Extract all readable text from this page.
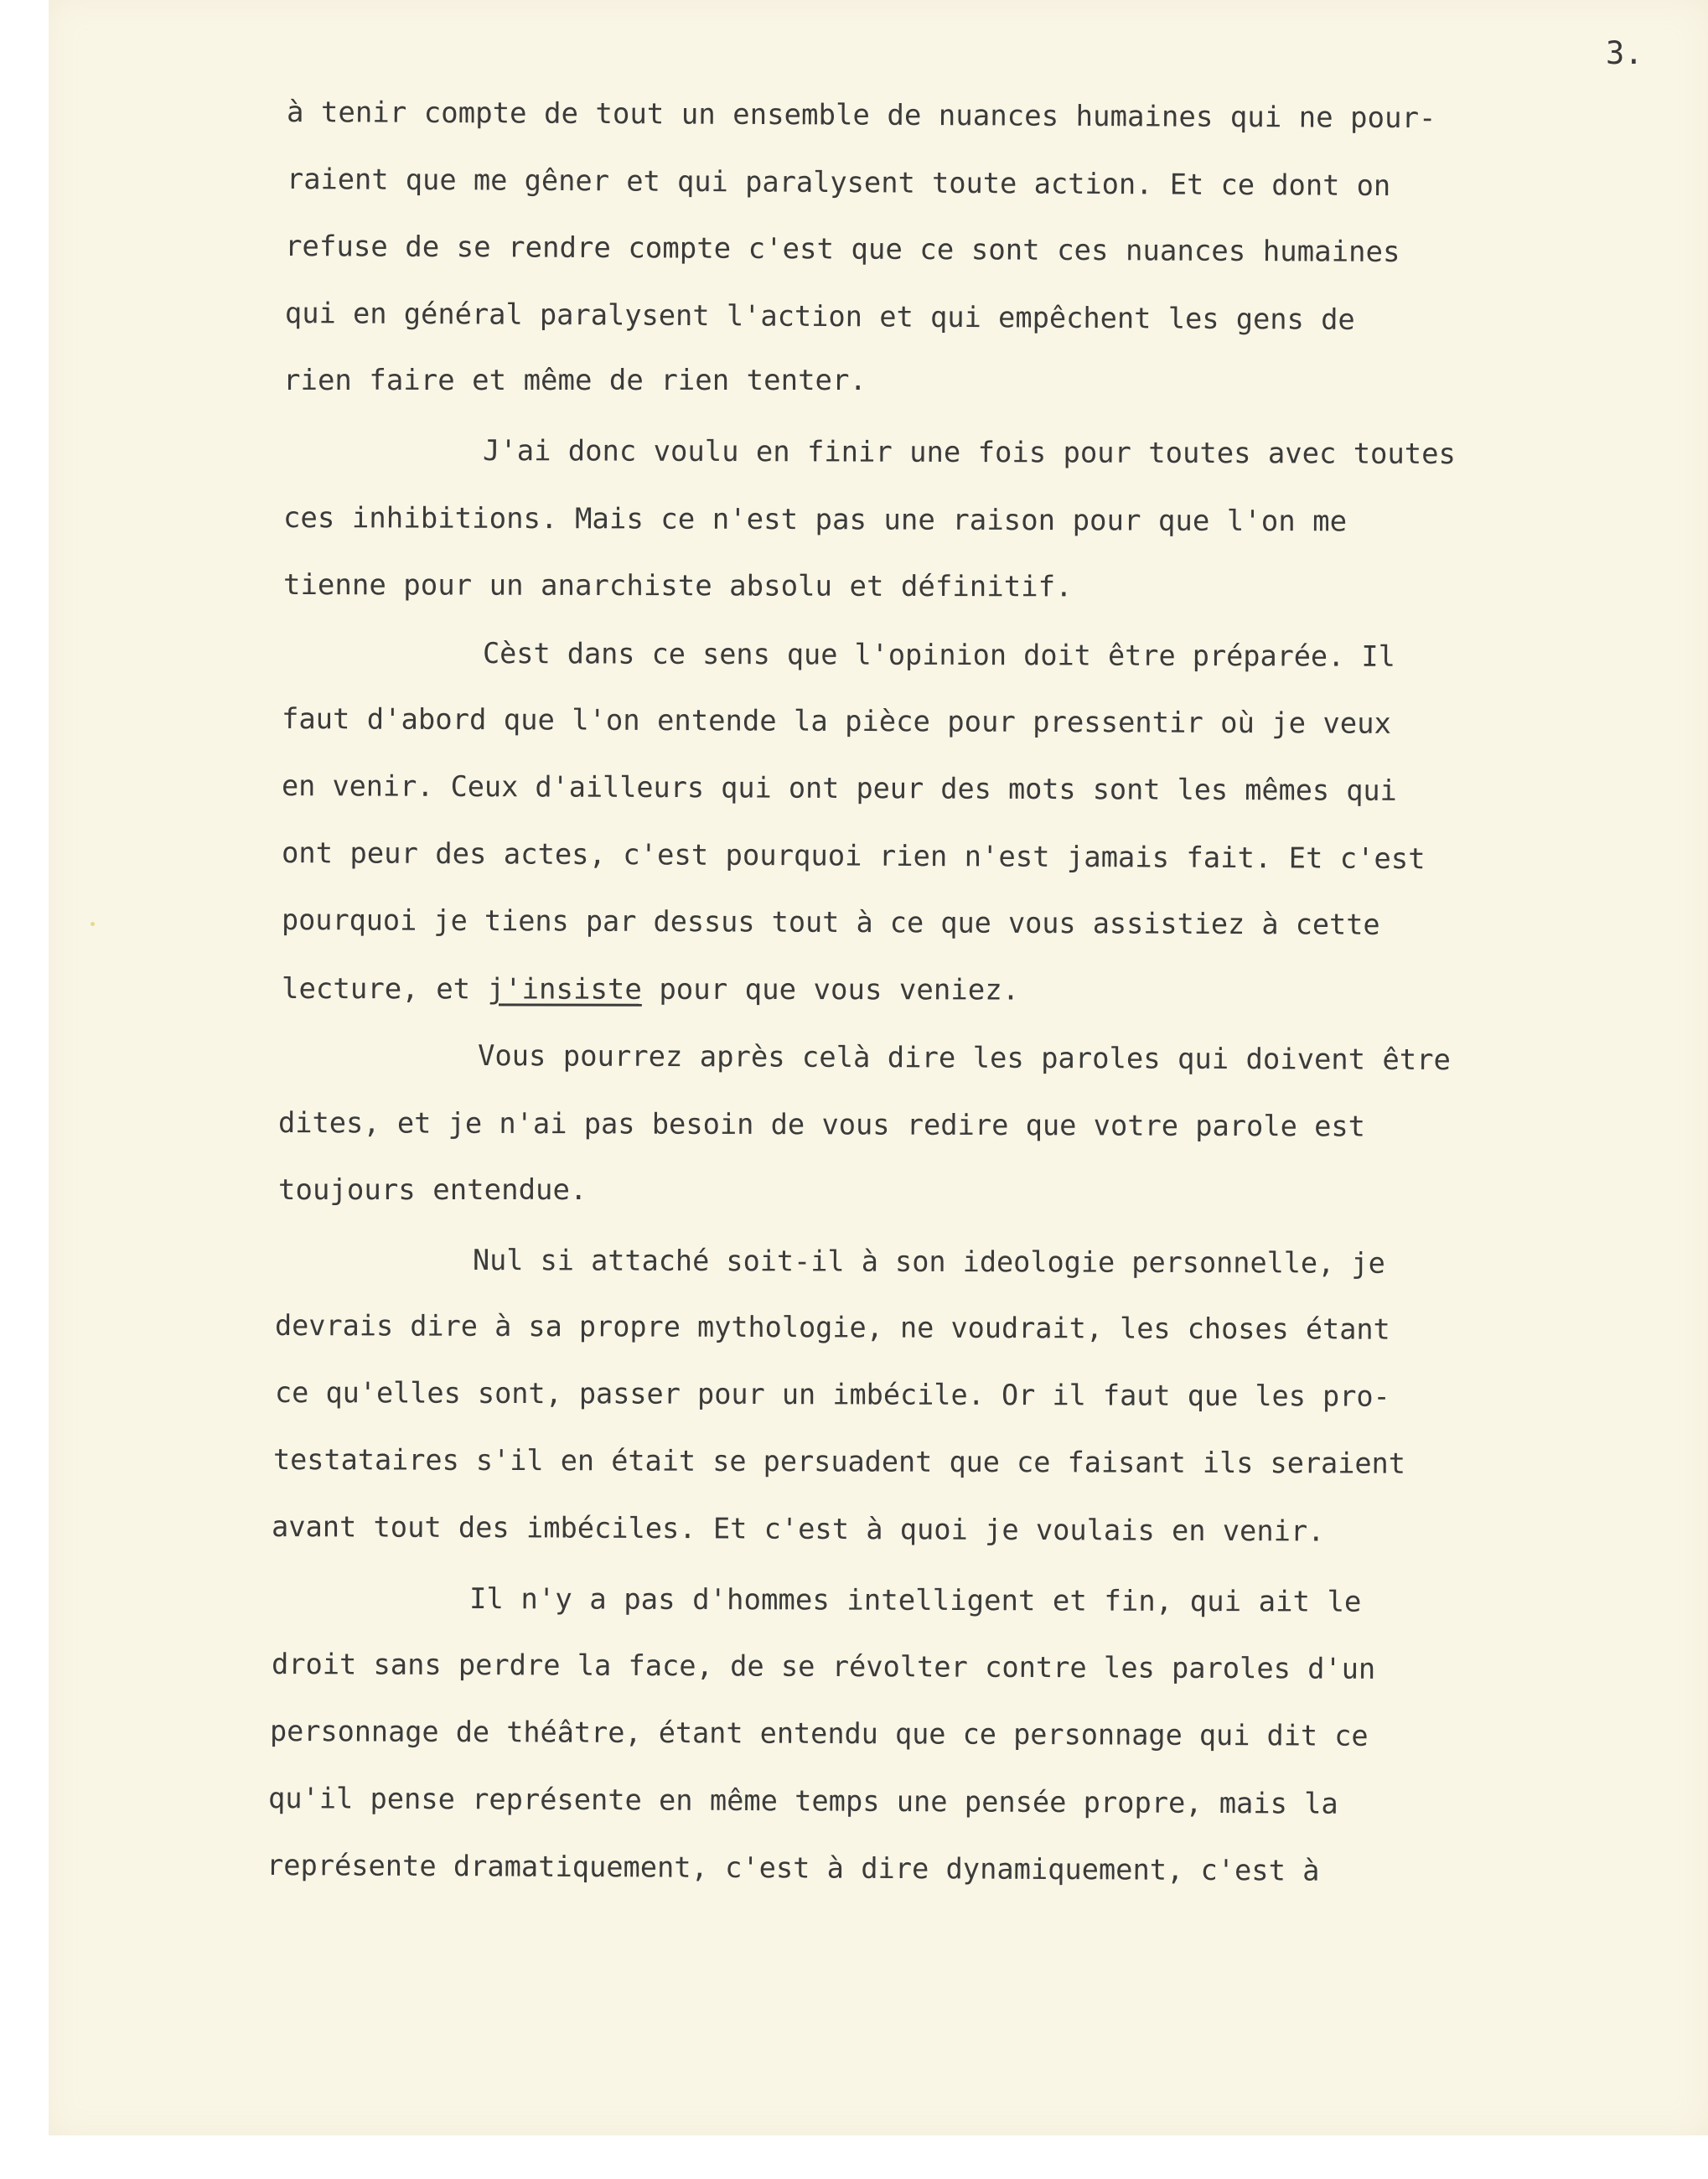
3.

à tenir compte de tout un ensemble de nuances humaines qui ne pour-

raient que me gêner et qui paralysent toute action. Et ce dont on

refuse de se rendre compte c'est que ce sont ces nuances humaines

qui en général paralysent l'action et qui empêchent les gens de

rien faire et même de rien tenter.

J'ai donc voulu en finir une fois pour toutes avec toutes

ces inhibitions. Mais ce n'est pas une raison pour que l'on me

tienne pour un anarchiste absolu et définitif.

Cèst dans ce sens que l'opinion doit être préparée. Il

faut d'abord que l'on entende la pièce pour pressentir où je veux

en venir. Ceux d'ailleurs qui ont peur des mots sont les mêmes qui

ont peur des actes, c'est pourquoi rien n'est jamais fait. Et c'est

pourquoi je tiens par dessus tout à ce que vous assistiez à cette

lecture, et j'insiste pour que vous veniez.

Vous pourrez après celà dire les paroles qui doivent être

dites, et je n'ai pas besoin de vous redire que votre parole est

toujours entendue.

Nul si attaché soit-il à son ideologie personnelle, je

devrais dire à sa propre mythologie, ne voudrait, les choses étant

ce qu'elles sont, passer pour un imbécile. Or il faut que les pro-

testataires s'il en était se persuadent que ce faisant ils seraient

avant tout des imbéciles. Et c'est à quoi je voulais en venir.

Il n'y a pas d'hommes intelligent et fin, qui ait le

droit sans perdre la face, de se révolter contre les paroles d'un

personnage de théâtre, étant entendu que ce personnage qui dit ce

qu'il pense représente en même temps une pensée propre, mais la

représente dramatiquement, c'est à dire dynamiquement, c'est à
